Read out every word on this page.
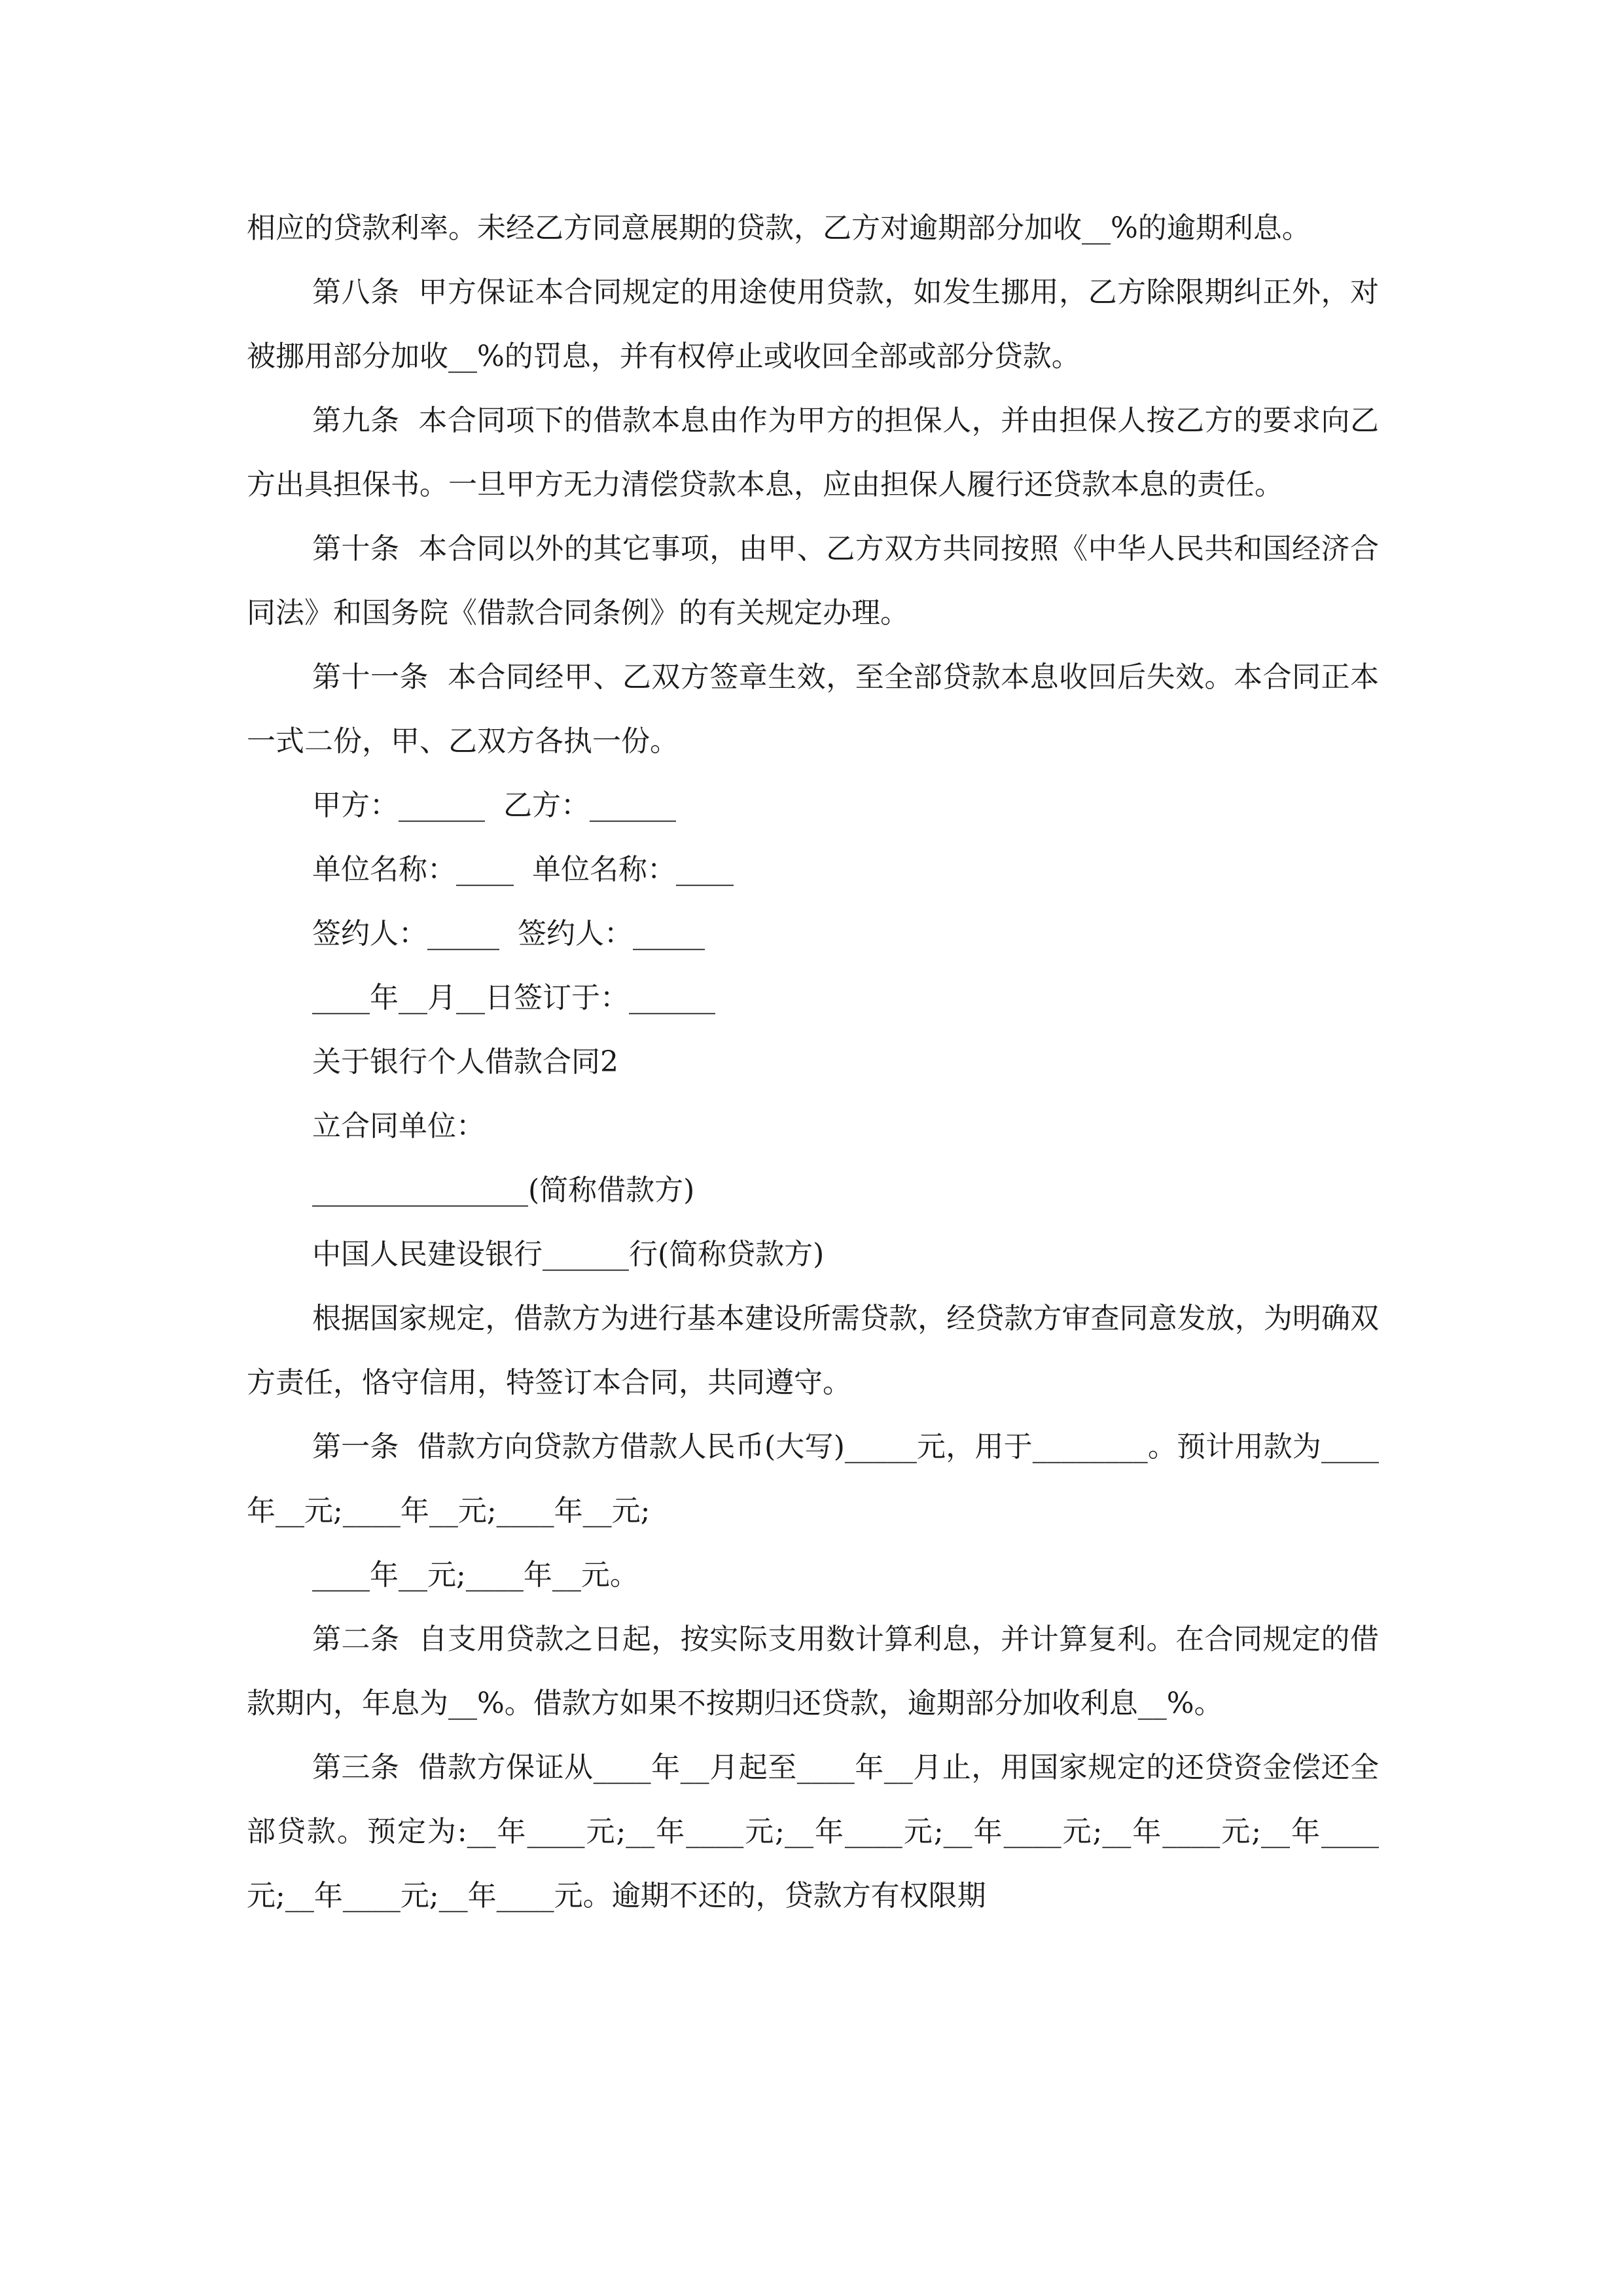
相应的贷款利率。未经乙方同意展期的贷款，乙方对逾期部分加收__%的逾期利息。

第八条  甲方保证本合同规定的用途使用贷款，如发生挪用，乙方除限期纠正外，对被挪用部分加收__%的罚息，并有权停止或收回全部或部分贷款。

第九条  本合同项下的借款本息由作为甲方的担保人，并由担保人按乙方的要求向乙方出具担保书。一旦甲方无力清偿贷款本息，应由担保人履行还贷款本息的责任。

第十条  本合同以外的其它事项，由甲、乙方双方共同按照《中华人民共和国经济合同法》和国务院《借款合同条例》的有关规定办理。

第十一条  本合同经甲、乙双方签章生效，至全部贷款本息收回后失效。本合同正本一式二份，甲、乙双方各执一份。

甲方：______  乙方：______

单位名称：____  单位名称：____

签约人：_____  签约人：_____

____年__月__日签订于：______

关于银行个人借款合同2

立合同单位：

_______________(简称借款方)

中国人民建设银行______行(简称贷款方)

根据国家规定，借款方为进行基本建设所需贷款，经贷款方审查同意发放，为明确双方责任，恪守信用，特签订本合同，共同遵守。

第一条  借款方向贷款方借款人民币(大写)_____元，用于________。预计用款为____年__元;____年__元;____年__元;

____年__元;____年__元。

第二条  自支用贷款之日起，按实际支用数计算利息，并计算复利。在合同规定的借款期内，年息为__%。借款方如果不按期归还贷款，逾期部分加收利息__%。

第三条  借款方保证从____年__月起至____年__月止，用国家规定的还贷资金偿还全部贷款。预定为:__年____元;__年____元;__年____元;__年____元;__年____元;__年____元;__年____元;__年____元。逾期不还的，贷款方有权限期
